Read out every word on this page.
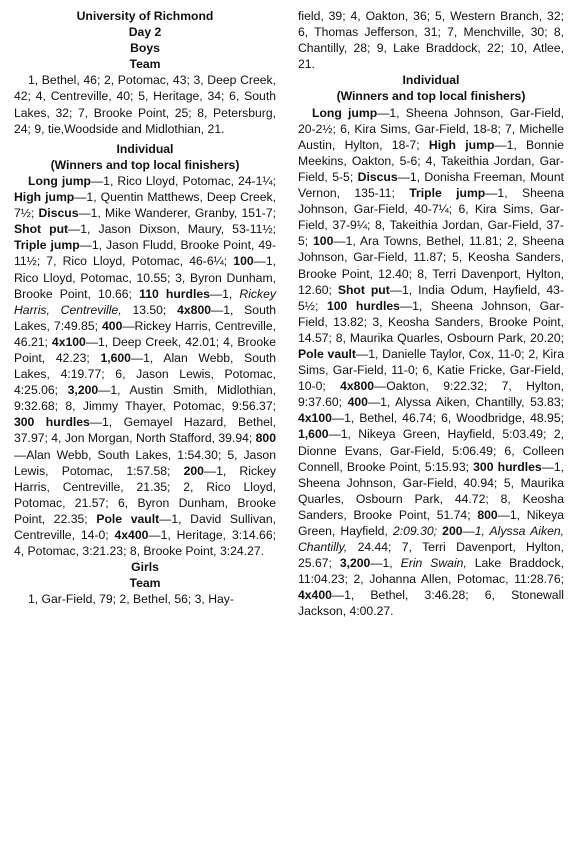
University of Richmond
Day 2
Boys
Team

1, Bethel, 46; 2, Potomac, 43; 3, Deep Creek, 42; 4, Centreville, 40; 5, Heritage, 34; 6, South Lakes, 32; 7, Brooke Point, 25; 8, Petersburg, 24; 9, tie,Woodside and Midlothian, 21.

Individual
(Winners and top local finishers)

Long jump—1, Rico Lloyd, Potomac, 24-1¼; High jump—1, Quentin Matthews, Deep Creek, 7½; Discus—1, Mike Wanderer, Granby, 151-7; Shot put—1, Jason Dixson, Maury, 53-11½; Triple jump—1, Jason Fludd, Brooke Point, 49-11½; 7, Rico Lloyd, Potomac, 46-6¼; 100—1, Rico Lloyd, Potomac, 10.55; 3, Byron Dunham, Brooke Point, 10.66; 110 hurdles—1, Rickey Harris, Centreville, 13.50; 4x800—1, South Lakes, 7:49.85; 400—Rickey Harris, Centreville, 46.21; 4x100—1, Deep Creek, 42.01; 4, Brooke Point, 42.23; 1,600—1, Alan Webb, South Lakes, 4:19.77; 6, Jason Lewis, Potomac, 4:25.06; 3,200—1, Austin Smith, Midlothian, 9:32.68; 8, Jimmy Thayer, Potomac, 9:56.37; 300 hurdles—1, Gemayel Hazard, Bethel, 37.97; 4, Jon Morgan, North Stafford, 39.94; 800—Alan Webb, South Lakes, 1:54.30; 5, Jason Lewis, Potomac, 1:57.58; 200—1, Rickey Harris, Centreville, 21.35; 2, Rico Lloyd, Potomac, 21.57; 6, Byron Dunham, Brooke Point, 22.35; Pole vault—1, David Sullivan, Centreville, 14-0; 4x400—1, Heritage, 3:14.66; 4, Potomac, 3:21.23; 8, Brooke Point, 3:24.27.

Girls
Team

1, Gar-Field, 79; 2, Bethel, 56; 3, Hay-

field, 39; 4, Oakton, 36; 5, Western Branch, 32; 6, Thomas Jefferson, 31; 7, Menchville, 30; 8, Chantilly, 28; 9, Lake Braddock, 22; 10, Atlee, 21.

Individual
(Winners and top local finishers)

Long jump—1, Sheena Johnson, Gar-Field, 20-2½; 6, Kira Sims, Gar-Field, 18-8; 7, Michelle Austin, Hylton, 18-7; High jump—1, Bonnie Meekins, Oakton, 5-6; 4, Takeithia Jordan, Gar-Field, 5-5; Discus—1, Donisha Freeman, Mount Vernon, 135-11; Triple jump—1, Sheena Johnson, Gar-Field, 40-7¼; 6, Kira Sims, Gar-Field, 37-9¼; 8, Takeithia Jordan, Gar-Field, 37-5; 100—1, Ara Towns, Bethel, 11.81; 2, Sheena Johnson, Gar-Field, 11.87; 5, Keosha Sanders, Brooke Point, 12.40; 8, Terri Davenport, Hylton, 12.60; Shot put—1, India Odum, Hayfield, 43-5½; 100 hurdles—1, Sheena Johnson, Gar-Field, 13.82; 3, Keosha Sanders, Brooke Point, 14.57; 8, Maurika Quarles, Osbourn Park, 20.20; Pole vault—1, Danielle Taylor, Cox, 11-0; 2, Kira Sims, Gar-Field, 11-0; 6, Katie Fricke, Gar-Field, 10-0; 4x800—Oakton, 9:22.32; 7, Hylton, 9:37.60; 400—1, Alyssa Aiken, Chantilly, 53.83; 4x100—1, Bethel, 46.74; 6, Woodbridge, 48.95; 1,600—1, Nikeya Green, Hayfield, 5:03.49; 2, Dionne Evans, Gar-Field, 5:06.49; 6, Colleen Connell, Brooke Point, 5:15.93; 300 hurdles—1, Sheena Johnson, Gar-Field, 40.94; 5, Maurika Quarles, Osbourn Park, 44.72; 8, Keosha Sanders, Brooke Point, 51.74; 800—1, Nikeya Green, Hayfield, 2:09.30; 200—1, Alyssa Aiken, Chantilly, 24.44; 7, Terri Davenport, Hylton, 25.67; 3,200—1, Erin Swain, Lake Braddock, 11:04.23; 2, Johanna Allen, Potomac, 11:28.76; 4x400—1, Bethel, 3:46.28; 6, Stonewall Jackson, 4:00.27.
